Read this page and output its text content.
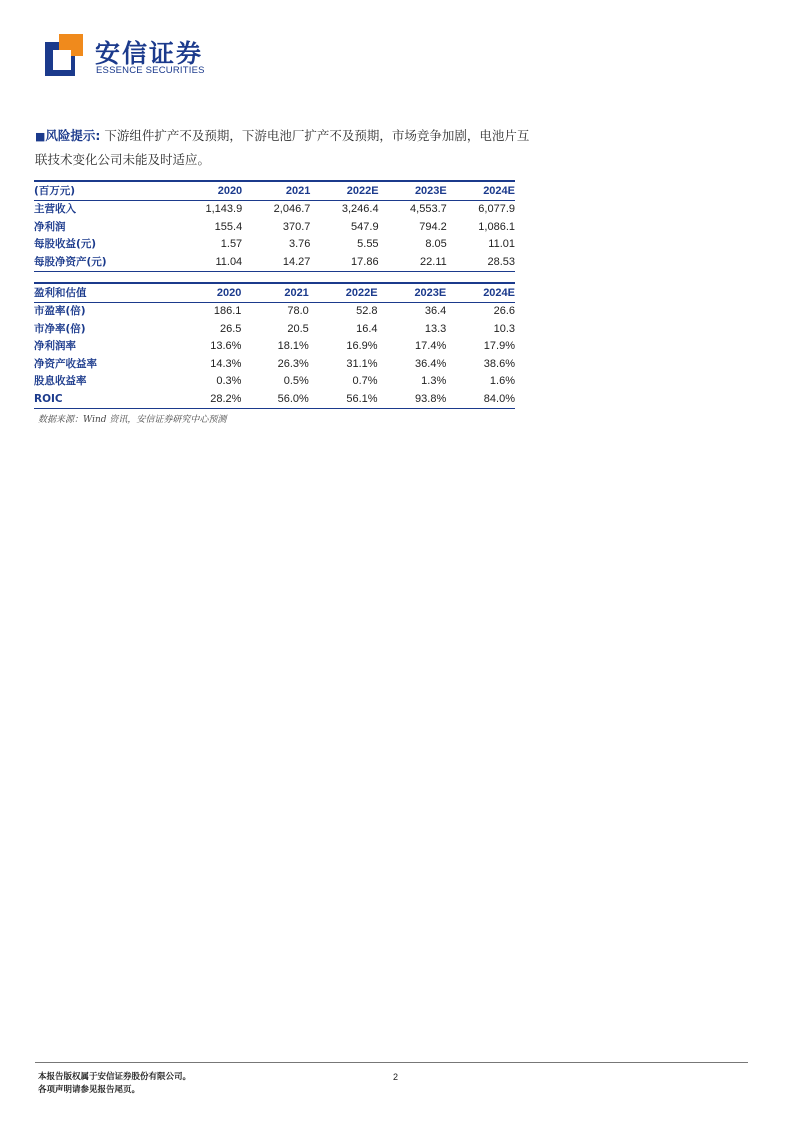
安信证券
ESSENCE SECURITIES
■风险提示: 下游组件扩产不及预期，下游电池厂扩产不及预期，市场竞争加剧，电池片互联技术变化公司未能及时适应。
(百万元)	2020	2021	2022E	2023E	2024E
主营收入	1,143.9	2,046.7	3,246.4	4,553.7	6,077.9
净利润	155.4	370.7	547.9	794.2	1,086.1
每股收益(元)	1.57	3.76	5.55	8.05	11.01
每股净资产(元)	11.04	14.27	17.86	22.11	28.53
盈利和估值	2020	2021	2022E	2023E	2024E
市盈率(倍)	186.1	78.0	52.8	36.4	26.6
市净率(倍)	26.5	20.5	16.4	13.3	10.3
净利润率	13.6%	18.1%	16.9%	17.4%	17.9%
净资产收益率	14.3%	26.3%	31.1%	36.4%	38.6%
股息收益率	0.3%	0.5%	0.7%	1.3%	1.6%
ROIC	28.2%	56.0%	56.1%	93.8%	84.0%
数据来源：Wind 资讯，安信证券研究中心预测
本报告版权属于安信证券股份有限公司。
各项声明请参见报告尾页。
2
